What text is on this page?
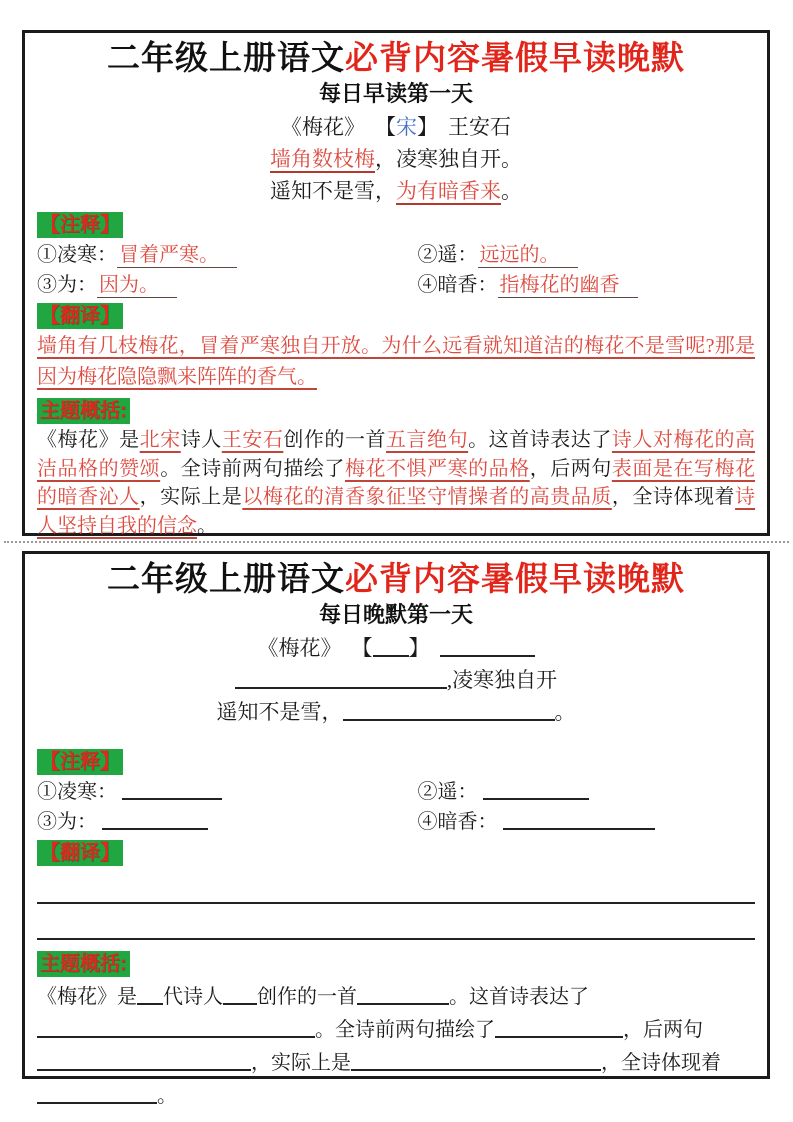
二年级上册语文必背内容暑假早读晚默
每日早读第一天
《梅花》 【宋】 王安石
墙角数枝梅，凌寒独自开。
遥知不是雪，为有暗香来。
【注释】
①凌寒： 冒着严寒。	②遥： 远远的。
③为： 因为。	④暗香： 指梅花的幽香
【翻译】

墙角有几枝梅花，冒着严寒独自开放。为什么远看就知道洁的梅花不是雪呢?那是因为梅花隐隐飘来阵阵的香气。

主题概括:

《梅花》是北宋诗人王安石创作的一首五言绝句。这首诗表达了诗人对梅花的高洁品格的赞颂。全诗前两句描绘了梅花不惧严寒的品格，后两句表面是在写梅花的暗香沁人，实际上是以梅花的清香象征坚守情操者的高贵品质，全诗体现着诗人坚持自我的信念。

二年级上册语文必背内容暑假早读晚默
每日晚默第一天
《梅花》 【 】
,凌寒独自开
遥知不是雪，	。
【注释】
①凌寒：	②遥：
③为：	④暗香：
【翻译】
主题概括:

《梅花》是 代诗人 创作的一首	。这首诗表达了。全诗前两句描绘了	，后两句，实际上是	，全诗体现着。
